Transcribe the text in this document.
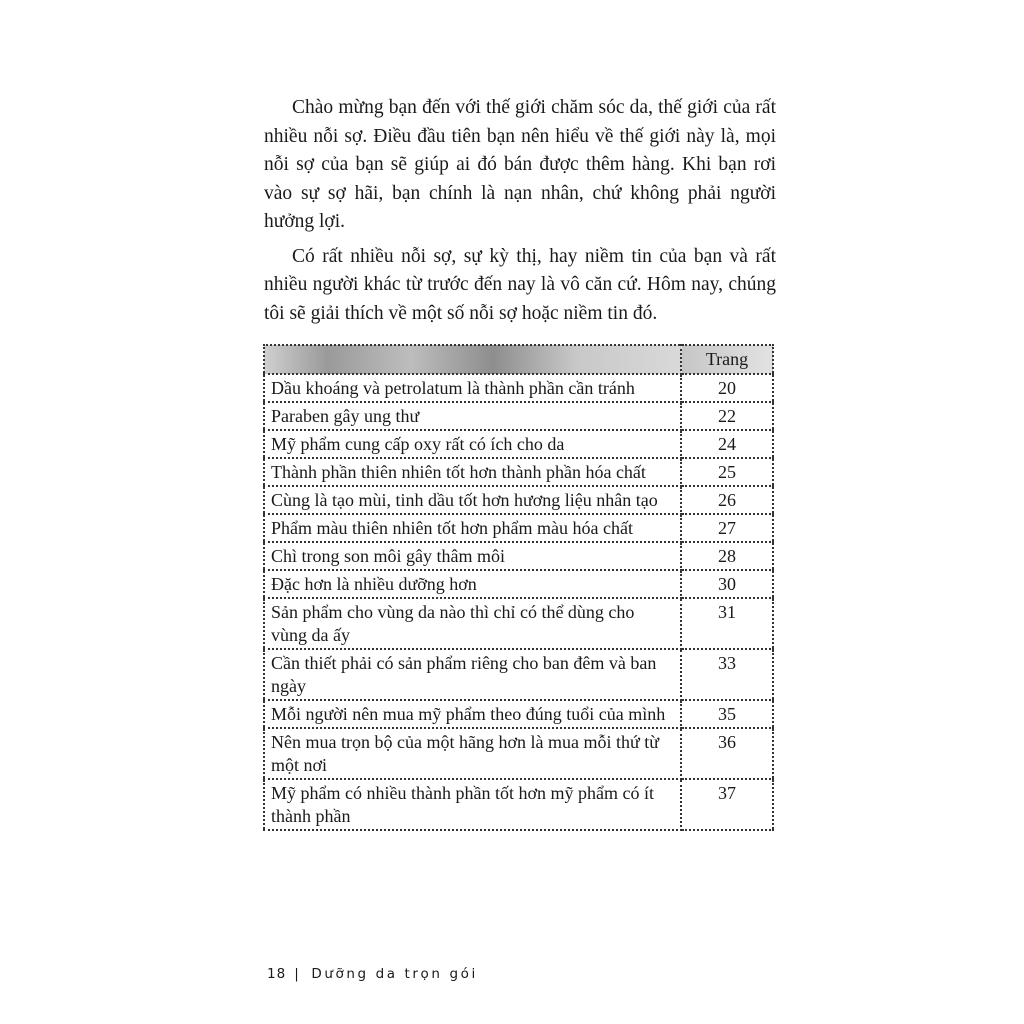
Chào mừng bạn đến với thế giới chăm sóc da, thế giới của rất nhiều nỗi sợ. Điều đầu tiên bạn nên hiểu về thế giới này là, mọi nỗi sợ của bạn sẽ giúp ai đó bán được thêm hàng. Khi bạn rơi vào sự sợ hãi, bạn chính là nạn nhân, chứ không phải người hưởng lợi.

Có rất nhiều nỗi sợ, sự kỳ thị, hay niềm tin của bạn và rất nhiều người khác từ trước đến nay là vô căn cứ. Hôm nay, chúng tôi sẽ giải thích về một số nỗi sợ hoặc niềm tin đó.

	Trang
Dầu khoáng và petrolatum là thành phần cần tránh	20
Paraben gây ung thư	22
Mỹ phẩm cung cấp oxy rất có ích cho da	24
Thành phần thiên nhiên tốt hơn thành phần hóa chất	25
Cùng là tạo mùi, tinh dầu tốt hơn hương liệu nhân tạo	26
Phẩm màu thiên nhiên tốt hơn phẩm màu hóa chất	27
Chì trong son môi gây thâm môi	28
Đặc hơn là nhiều dưỡng hơn	30
Sản phẩm cho vùng da nào thì chỉ có thể dùng cho vùng da ấy	31
Cần thiết phải có sản phẩm riêng cho ban đêm và ban ngày	33
Mỗi người nên mua mỹ phẩm theo đúng tuổi của mình	35
Nên mua trọn bộ của một hãng hơn là mua mỗi thứ từ một nơi	36
Mỹ phẩm có nhiều thành phần tốt hơn mỹ phẩm có ít thành phần	37
18 | Dưỡng da trọn gói
